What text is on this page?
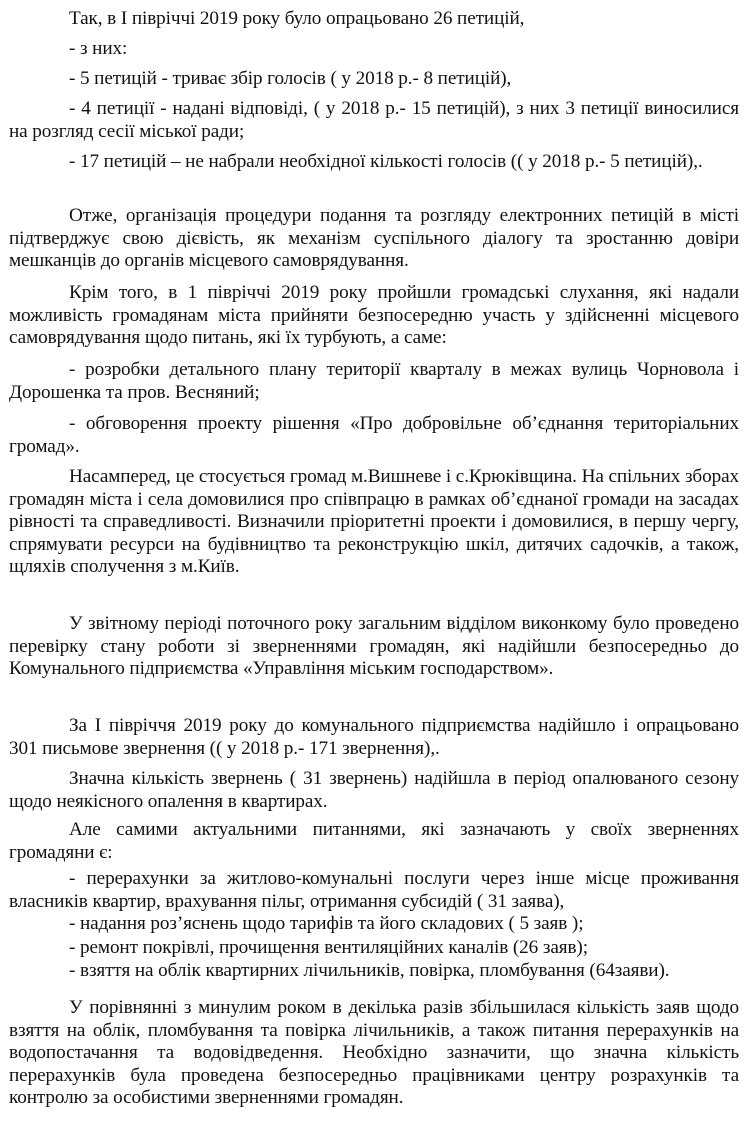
Так, в І півріччі 2019 року було опрацьовано 26 петицій,

- з них:

- 5 петицій - триває збір голосів ( у 2018 р.- 8 петицій),

- 4 петиції - надані відповіді, ( у 2018 р.- 15 петицій), з них 3 петиції виносилися на розгляд сесії міської ради;

- 17 петицій – не набрали необхідної кількості голосів (( у 2018 р.- 5 петицій),.

Отже, організація процедури подання та розгляду електронних петицій в місті підтверджує свою дієвість, як механізм суспільного діалогу та зростанню довіри мешканців до органів місцевого самоврядування.

Крім того, в 1 півріччі 2019 року пройшли громадські слухання, які надали можливість громадянам міста прийняти безпосередню участь у здійсненні місцевого самоврядування щодо питань, які їх турбують, а саме:

- розробки детального плану території кварталу в межах вулиць Чорновола і Дорошенка та пров. Весняний;

- обговорення проекту рішення «Про добровільне об’єднання територіальних громад».

Насамперед, це стосується громад м.Вишневе і с.Крюківщина. На спільних зборах громадян міста і села домовилися про співпрацю в рамках об’єднаної громади на засадах рівності та справедливості. Визначили пріоритетні проекти і домовилися, в першу чергу, спрямувати ресурси на будівництво та реконструкцію шкіл, дитячих садочків, а також, щляхів сполучення з м.Київ.

У звітному періоді поточного року загальним відділом виконкому було проведено перевірку стану роботи зі зверненнями громадян, які надійшли безпосередньо до Комунального підприємства «Управління міським господарством».

За І півріччя 2019 року до комунального підприємства надійшло і опрацьовано 301 письмове звернення (( у 2018 р.- 171 звернення),.

Значна кількість звернень ( 31 звернень) надійшла в період опалюваного сезону щодо неякісного опалення в квартирах.

Але самими актуальними питаннями, які зазначають у своїх зверненнях громадяни є:

- перерахунки за житлово-комунальні послуги через інше місце проживання власників квартир, врахування пільг, отримання субсидій ( 31 заява),

- надання роз’яснень щодо тарифів та його складових ( 5 заяв );

- ремонт покрівлі, прочищення вентиляційних каналів (26 заяв);

- взяття на облік квартирних лічильників, повірка, пломбування (64заяви).

У порівнянні з минулим роком в декілька разів збільшилася кількість заяв щодо взяття на облік, пломбування та повірка лічильників, а також питання перерахунків на водопостачання та водовідведення. Необхідно зазначити, що значна кількість перерахунків була проведена безпосередньо працівниками центру розрахунків та контролю за особистими зверненнями громадян.
